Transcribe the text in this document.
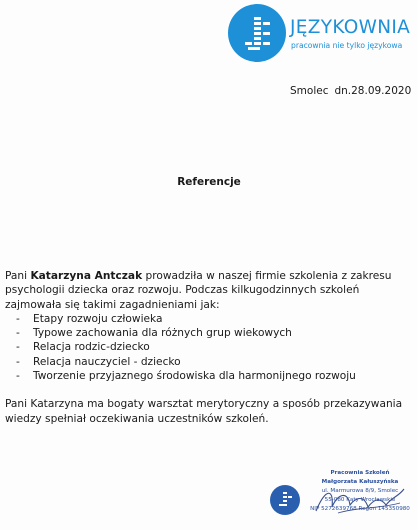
JĘZYKOWNIA
pracownia nie tylko językowa
Smolec dn.28.09.2020
Referencje

Pani Katarzyna Antczak prowadziła w naszej firmie szkolenia z zakresu psychologii dziecka oraz rozwoju. Podczas kilkugodzinnych szkoleń zajmowała się takimi zagadnieniami jak:

- Etapy rozwoju człowieka
- Typowe zachowania dla różnych grup wiekowych
- Relacja rodzic-dziecko
- Relacja nauczyciel - dziecko
- Tworzenie przyjaznego środowiska dla harmonijnego rozwoju

Pani Katarzyna ma bogaty warsztat merytoryczny a sposób przekazywania wiedzy spełniał oczekiwania uczestników szkoleń.

Pracownia Szkoleń
Małgorzata Kałuszyńska
ul. Marmurowa 8/9, Smolec
55-080 Kąty Wrocławskie
NIP 5272639768 Regon 145350980
